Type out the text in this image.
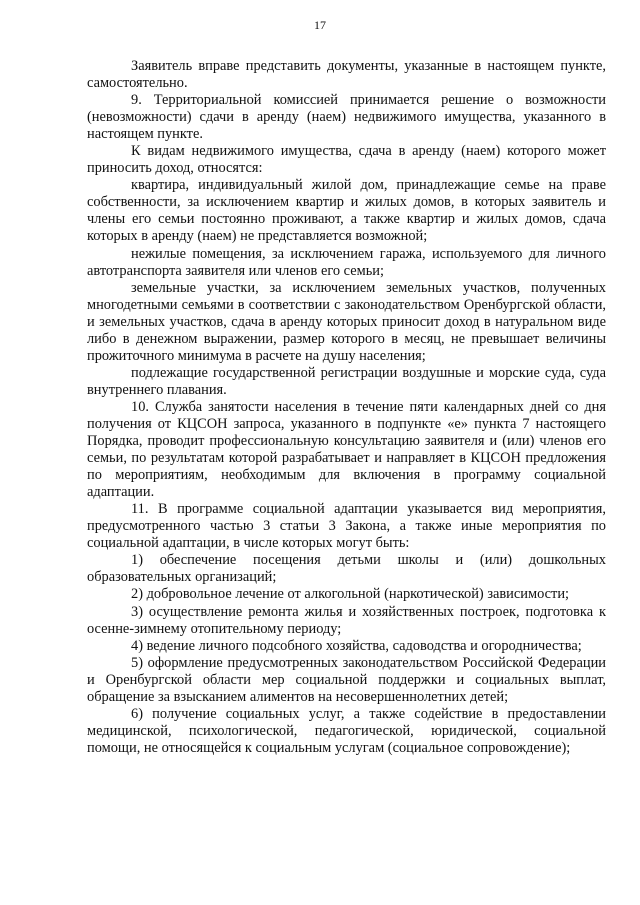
17

Заявитель вправе представить документы, указанные в настоящем пункте, самостоятельно.

9. Территориальной комиссией принимается решение о возможности (невозможности) сдачи в аренду (наем) недвижимого имущества, указанного в настоящем пункте.

К видам недвижимого имущества, сдача в аренду (наем) которого может приносить доход, относятся:

квартира, индивидуальный жилой дом, принадлежащие семье на праве собственности, за исключением квартир и жилых домов, в которых заявитель и члены его семьи постоянно проживают, а также квартир и жилых домов, сдача которых в аренду (наем) не представляется возможной;

нежилые помещения, за исключением гаража, используемого для личного автотранспорта заявителя или членов его семьи;

земельные участки, за исключением земельных участков, полученных многодетными семьями в соответствии с законодательством Оренбургской области, и земельных участков, сдача в аренду которых приносит доход в натуральном виде либо в денежном выражении, размер которого в месяц, не превышает величины прожиточного минимума в расчете на душу населения;

подлежащие государственной регистрации воздушные и морские суда, суда внутреннего плавания.

10. Служба занятости населения в течение пяти календарных дней со дня получения от КЦСОН запроса, указанного в подпункте «е» пункта 7 настоящего Порядка, проводит профессиональную консультацию заявителя и (или) членов его семьи, по результатам которой разрабатывает и направляет в КЦСОН предложения по мероприятиям, необходимым для включения в программу социальной адаптации.

11. В программе социальной адаптации указывается вид мероприятия, предусмотренного частью 3 статьи 3 Закона, а также иные мероприятия по социальной адаптации, в числе которых могут быть:

1) обеспечение посещения детьми школы и (или) дошкольных образовательных организаций;

2) добровольное лечение от алкогольной (наркотической) зависимости;

3) осуществление ремонта жилья и хозяйственных построек, подготовка к осенне-зимнему отопительному периоду;

4) ведение личного подсобного хозяйства, садоводства и огородничества;

5) оформление предусмотренных законодательством Российской Федерации и Оренбургской области мер социальной поддержки и социальных выплат, обращение за взысканием алиментов на несовершеннолетних детей;

6) получение социальных услуг, а также содействие в предоставлении медицинской, психологической, педагогической, юридической, социальной помощи, не относящейся к социальным услугам (социальное сопровождение);
